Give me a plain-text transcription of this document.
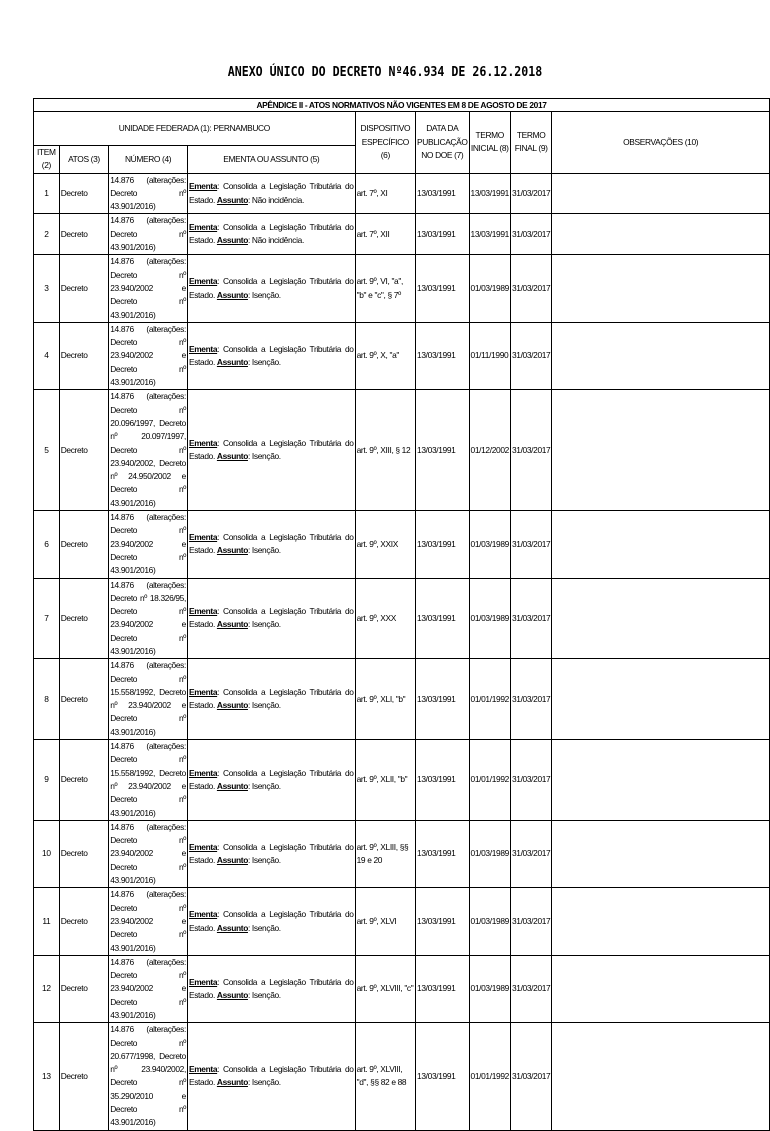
ANEXO ÚNICO DO DECRETO Nº46.934 DE 26.12.2018
APÊNDICE II - ATOS NORMATIVOS NÃO VIGENTES EM 8 DE AGOSTO DE 2017								
UNIDADE FEDERADA (1): PERNAMBUCO				DISPOSITIVO ESPECÍFICO (6)	DATA DA PUBLICAÇÃO NO DOE (7)	TERMO INICIAL (8)	TERMO FINAL (9)	OBSERVAÇÕES (10)
ITEM (2)	ATOS (3)	NÚMERO (4)	EMENTA OU ASSUNTO (5)					
1	Decreto	14.876 (alterações: Decreto nº 43.901/2016)	Ementa: Consolida a Legislação Tributária do Estado. Assunto: Não incidência.	art. 7º, XI	13/03/1991	13/03/1991	31/03/2017	
2	Decreto	14.876 (alterações: Decreto nº 43.901/2016)	Ementa: Consolida a Legislação Tributária do Estado. Assunto: Não incidência.	art. 7º, XII	13/03/1991	13/03/1991	31/03/2017	
3	Decreto	14.876 (alterações: Decreto nº 23.940/2002 e Decreto nº 43.901/2016)	Ementa: Consolida a Legislação Tributária do Estado. Assunto: Isenção.	art. 9º, VI, "a", "b" e "c", § 7º	13/03/1991	01/03/1989	31/03/2017	
4	Decreto	14.876 (alterações: Decreto nº 23.940/2002 e Decreto nº 43.901/2016)	Ementa: Consolida a Legislação Tributária do Estado. Assunto: Isenção.	art. 9º, X, "a"	13/03/1991	01/11/1990	31/03/2017	
5	Decreto	14.876 (alterações: Decreto nº 20.096/1997, Decreto nº 20.097/1997, Decreto nº 23.940/2002, Decreto nº 24.950/2002 e Decreto nº 43.901/2016)	Ementa: Consolida a Legislação Tributária do Estado. Assunto: Isenção.	art. 9º, XIII, § 12	13/03/1991	01/12/2002	31/03/2017	
6	Decreto	14.876 (alterações: Decreto nº 23.940/2002 e Decreto nº 43.901/2016)	Ementa: Consolida a Legislação Tributária do Estado. Assunto: Isenção.	art. 9º, XXIX	13/03/1991	01/03/1989	31/03/2017	
7	Decreto	14.876 (alterações: Decreto nº 18.326/95, Decreto nº 23.940/2002 e Decreto nº 43.901/2016)	Ementa: Consolida a Legislação Tributária do Estado. Assunto: Isenção.	art. 9º, XXX	13/03/1991	01/03/1989	31/03/2017	
8	Decreto	14.876 (alterações: Decreto nº 15.558/1992, Decreto nº 23.940/2002 e Decreto nº 43.901/2016)	Ementa: Consolida a Legislação Tributária do Estado. Assunto: Isenção.	art. 9º, XLI, "b"	13/03/1991	01/01/1992	31/03/2017	
9	Decreto	14.876 (alterações: Decreto nº 15.558/1992, Decreto nº 23.940/2002 e Decreto nº 43.901/2016)	Ementa: Consolida a Legislação Tributária do Estado. Assunto: Isenção.	art. 9º, XLII, "b"	13/03/1991	01/01/1992	31/03/2017	
10	Decreto	14.876 (alterações: Decreto nº 23.940/2002 e Decreto nº 43.901/2016)	Ementa: Consolida a Legislação Tributária do Estado. Assunto: Isenção.	art. 9º, XLIII, §§ 19 e 20	13/03/1991	01/03/1989	31/03/2017	
11	Decreto	14.876 (alterações: Decreto nº 23.940/2002 e Decreto nº 43.901/2016)	Ementa: Consolida a Legislação Tributária do Estado. Assunto: Isenção.	art. 9º, XLVI	13/03/1991	01/03/1989	31/03/2017	
12	Decreto	14.876 (alterações: Decreto nº 23.940/2002 e Decreto nº 43.901/2016)	Ementa: Consolida a Legislação Tributária do Estado. Assunto: Isenção.	art. 9º, XLVIII, "c"	13/03/1991	01/03/1989	31/03/2017	
13	Decreto	14.876 (alterações: Decreto nº 20.677/1998, Decreto nº 23.940/2002, Decreto nº 35.290/2010 e Decreto nº 43.901/2016)	Ementa: Consolida a Legislação Tributária do Estado. Assunto: Isenção.	art. 9º, XLVIII, "d", §§ 82 e 88	13/03/1991	01/01/1992	31/03/2017	
